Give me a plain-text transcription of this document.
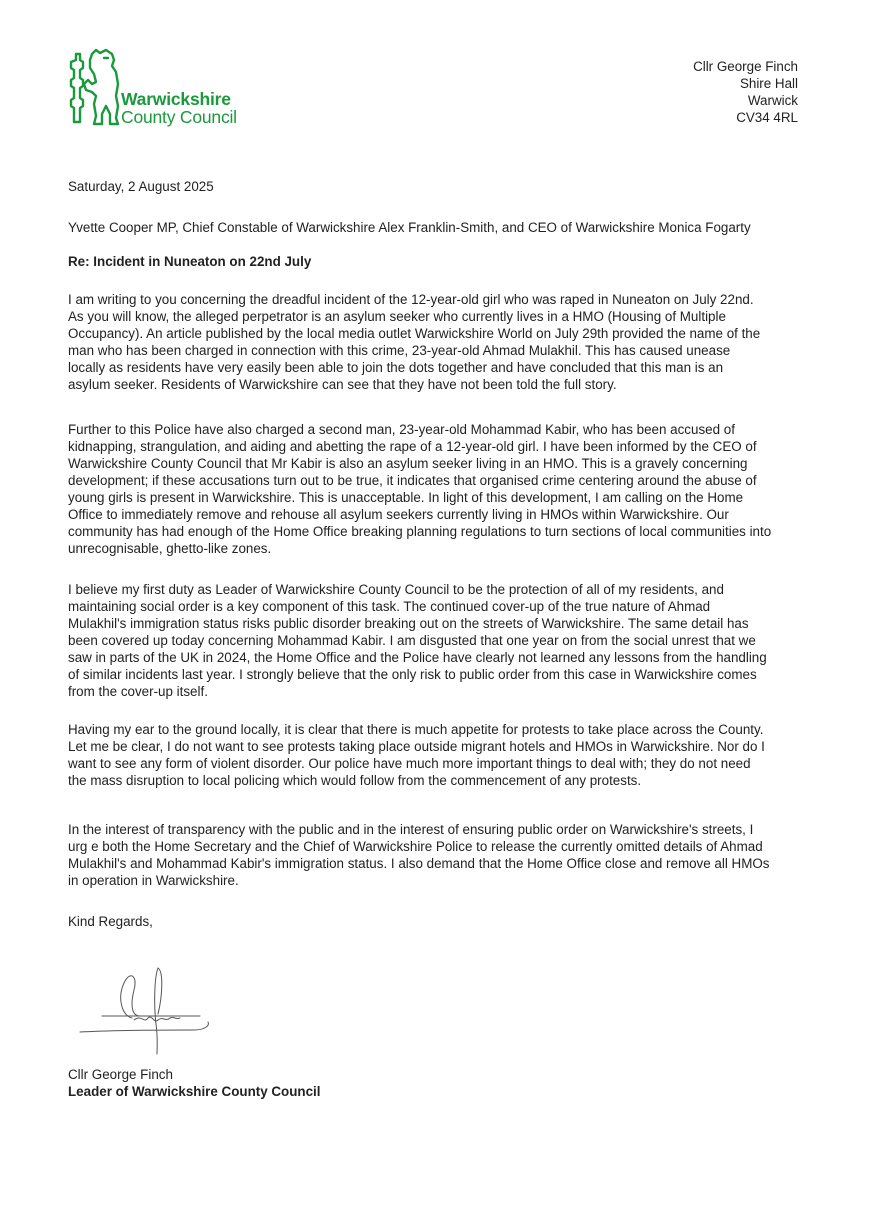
Warwickshire
County Council
Cllr George Finch
Shire Hall
Warwick
CV34 4RL
Saturday, 2 August 2025
Yvette Cooper MP, Chief Constable of Warwickshire Alex Franklin-Smith, and CEO of Warwickshire Monica Fogarty
Re: Incident in Nuneaton on 22nd July
I am writing to you concerning the dreadful incident of the 12-year-old girl who was raped in Nuneaton on July 22nd.
As you will know, the alleged perpetrator is an asylum seeker who currently lives in a HMO (Housing of Multiple
Occupancy). An article published by the local media outlet Warwickshire World on July 29th provided the name of the
man who has been charged in connection with this crime, 23-year-old Ahmad Mulakhil. This has caused unease
locally as residents have very easily been able to join the dots together and have concluded that this man is an
asylum seeker. Residents of Warwickshire can see that they have not been told the full story.
Further to this Police have also charged a second man, 23-year-old Mohammad Kabir, who has been accused of
kidnapping, strangulation, and aiding and abetting the rape of a 12-year-old girl. I have been informed by the CEO of
Warwickshire County Council that Mr Kabir is also an asylum seeker living in an HMO. This is a gravely concerning
development; if these accusations turn out to be true, it indicates that organised crime centering around the abuse of
young girls is present in Warwickshire. This is unacceptable. In light of this development, I am calling on the Home
Office to immediately remove and rehouse all asylum seekers currently living in HMOs within Warwickshire. Our
community has had enough of the Home Office breaking planning regulations to turn sections of local communities into
unrecognisable, ghetto-like zones.
I believe my first duty as Leader of Warwickshire County Council to be the protection of all of my residents, and
maintaining social order is a key component of this task. The continued cover-up of the true nature of Ahmad
Mulakhil's immigration status risks public disorder breaking out on the streets of Warwickshire. The same detail has
been covered up today concerning Mohammad Kabir. I am disgusted that one year on from the social unrest that we
saw in parts of the UK in 2024, the Home Office and the Police have clearly not learned any lessons from the handling
of similar incidents last year. I strongly believe that the only risk to public order from this case in Warwickshire comes
from the cover-up itself.
Having my ear to the ground locally, it is clear that there is much appetite for protests to take place across the County.
Let me be clear, I do not want to see protests taking place outside migrant hotels and HMOs in Warwickshire. Nor do I
want to see any form of violent disorder. Our police have much more important things to deal with; they do not need
the mass disruption to local policing which would follow from the commencement of any protests.
In the interest of transparency with the public and in the interest of ensuring public order on Warwickshire's streets, I
urg e both the Home Secretary and the Chief of Warwickshire Police to release the currently omitted details of Ahmad
Mulakhil's and Mohammad Kabir's immigration status. I also demand that the Home Office close and remove all HMOs
in operation in Warwickshire.
Kind Regards,
Cllr George Finch
Leader of Warwickshire County Council
